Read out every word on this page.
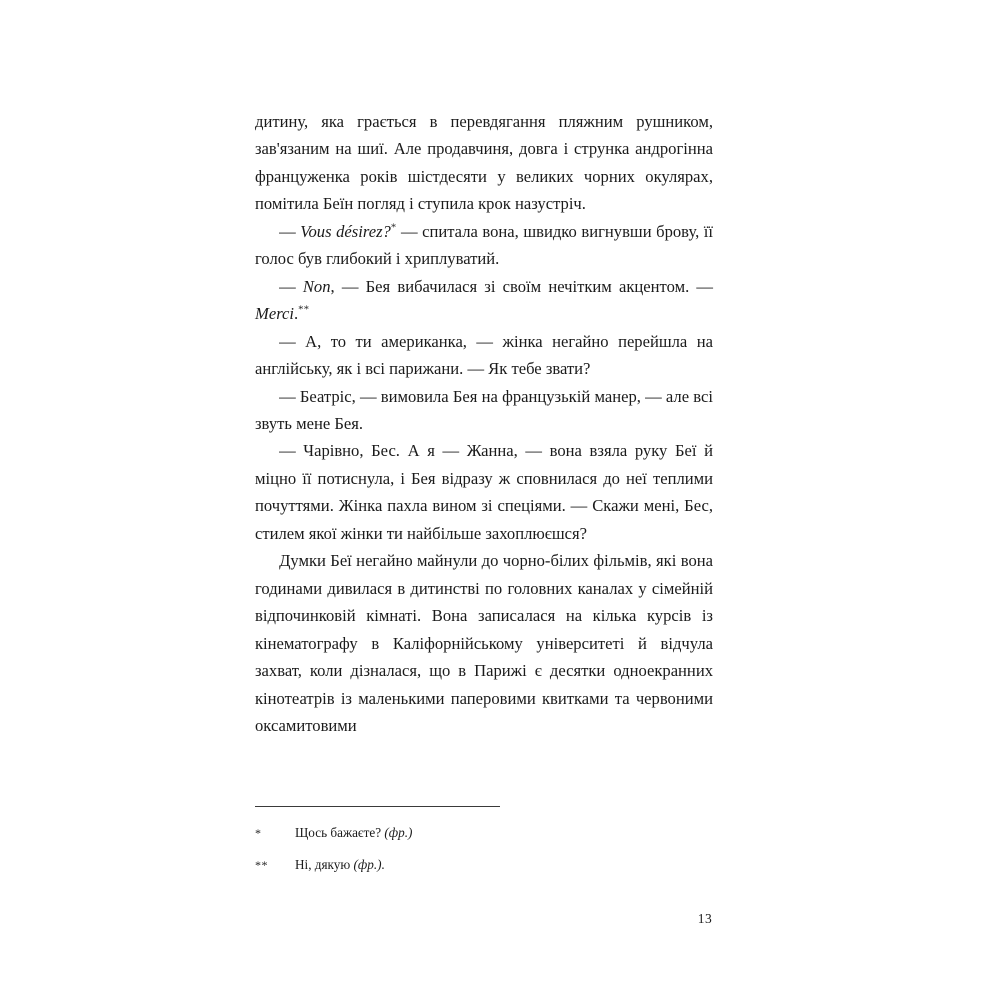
дитину, яка грається в перевдягання пляжним рушником, зав'язаним на шиї. Але продавчиня, довга і струнка андрогінна француженка років шістдесяти у великих чорних окулярах, помітила Беїн погляд і ступила крок назустріч.

— Vous désirez?* — спитала вона, швидко вигнувши брову, її голос був глибокий і хриплуватий.

— Non, — Бея вибачилася зі своїм нечітким акцентом. — Merci.**

— А, то ти американка, — жінка негайно перейшла на англійську, як і всі парижани. — Як тебе звати?

— Беатріс, — вимовила Бея на французькій манер, — але всі звуть мене Бея.

— Чарівно, Бес. А я — Жанна, — вона взяла руку Беї й міцно її потиснула, і Бея відразу ж сповнилася до неї теплими почуттями. Жінка пахла вином зі спеціями. — Скажи мені, Бес, стилем якої жінки ти найбільше захоплюєшся?

Думки Беї негайно майнули до чорно-білих фільмів, які вона годинами дивилася в дитинстві по головних каналах у сімейній відпочинковій кімнаті. Вона записалася на кілька курсів із кінематографу в Каліфорнійському університеті й відчула захват, коли дізналася, що в Парижі є десятки одноекранних кінотеатрів із маленькими паперовими квитками та червоними оксамитовими

*	Щось бажаєте? (фр.)
**	Ні, дякую (фр.).
13
